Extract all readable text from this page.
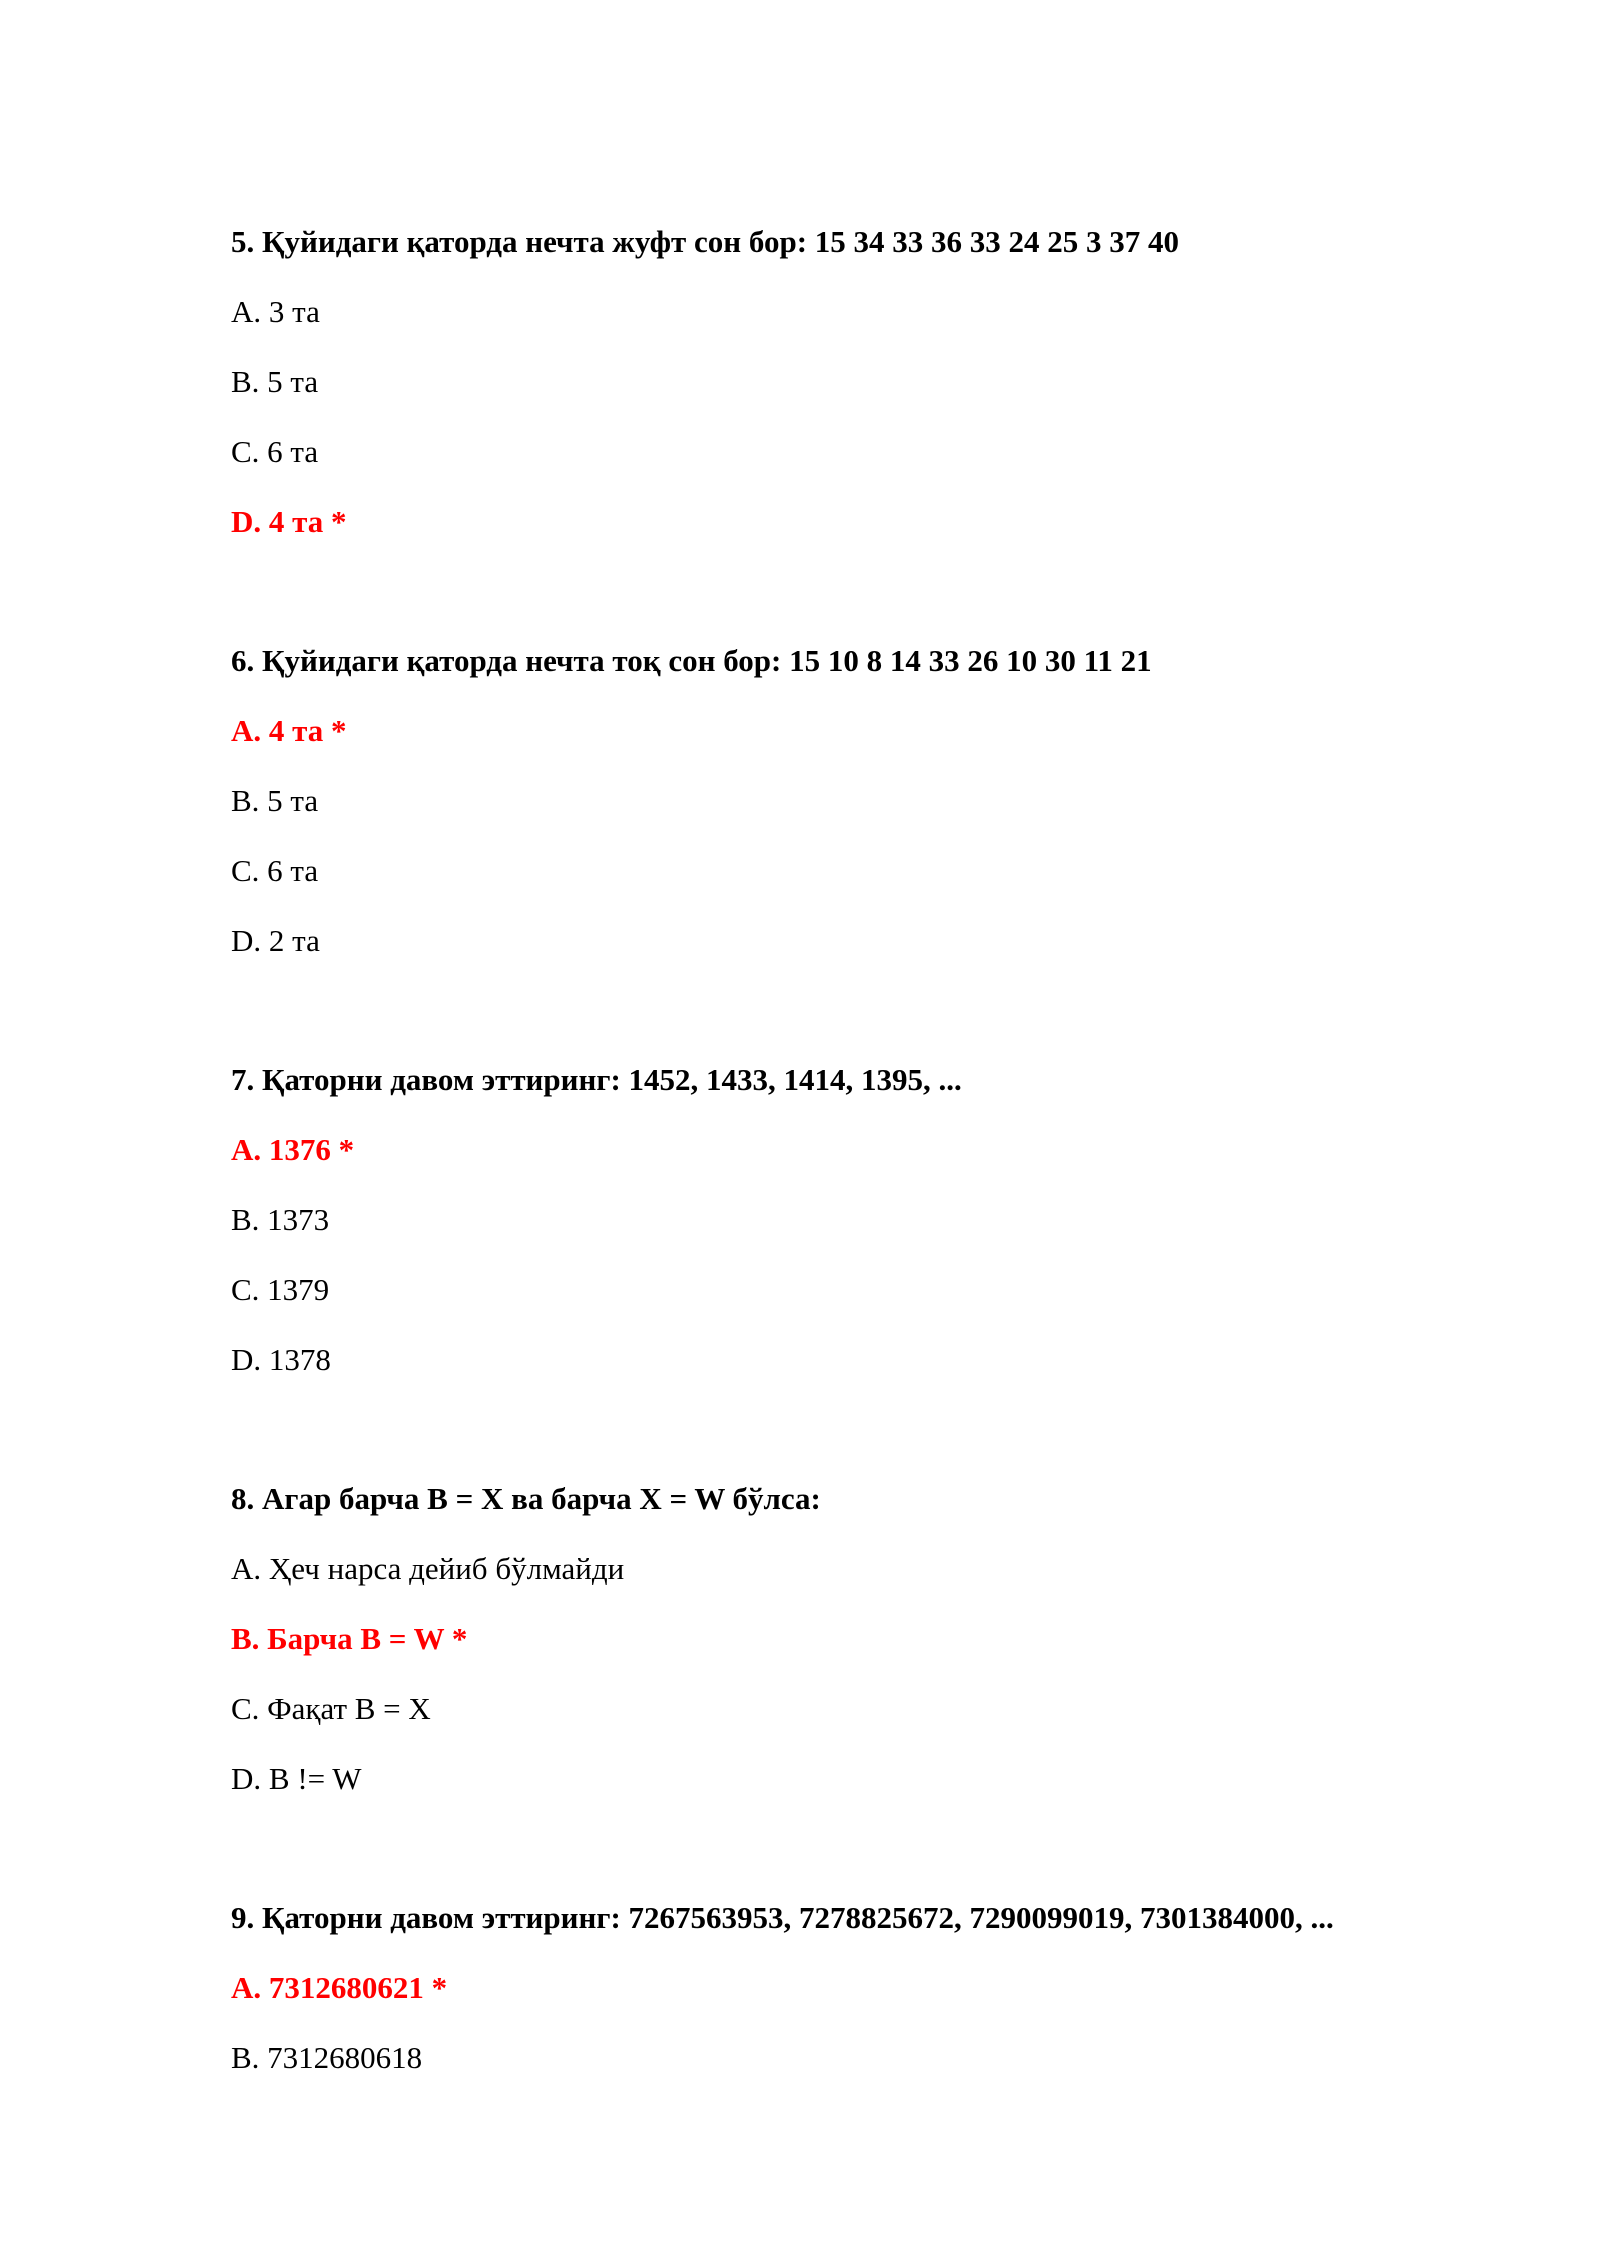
5. Қуйидаги қаторда нечта жуфт сон бор: 15 34 33 36 33 24 25 3 37 40
A. 3 та
B. 5 та
C. 6 та
D. 4 та *
6. Қуйидаги қаторда нечта тоқ сон бор: 15 10 8 14 33 26 10 30 11 21
A. 4 та *
B. 5 та
C. 6 та
D. 2 та
7. Қаторни давом эттиринг: 1452, 1433, 1414, 1395, ...
A. 1376 *
B. 1373
C. 1379
D. 1378
8. Агар барча B = X ва барча X = W бўлса:
A. Ҳеч нарса дейиб бўлмайди
B. Барча B = W *
C. Фақат B = X
D. B != W
9. Қаторни давом эттиринг: 7267563953, 7278825672, 7290099019, 7301384000, ...
A. 7312680621 *
B. 7312680618
